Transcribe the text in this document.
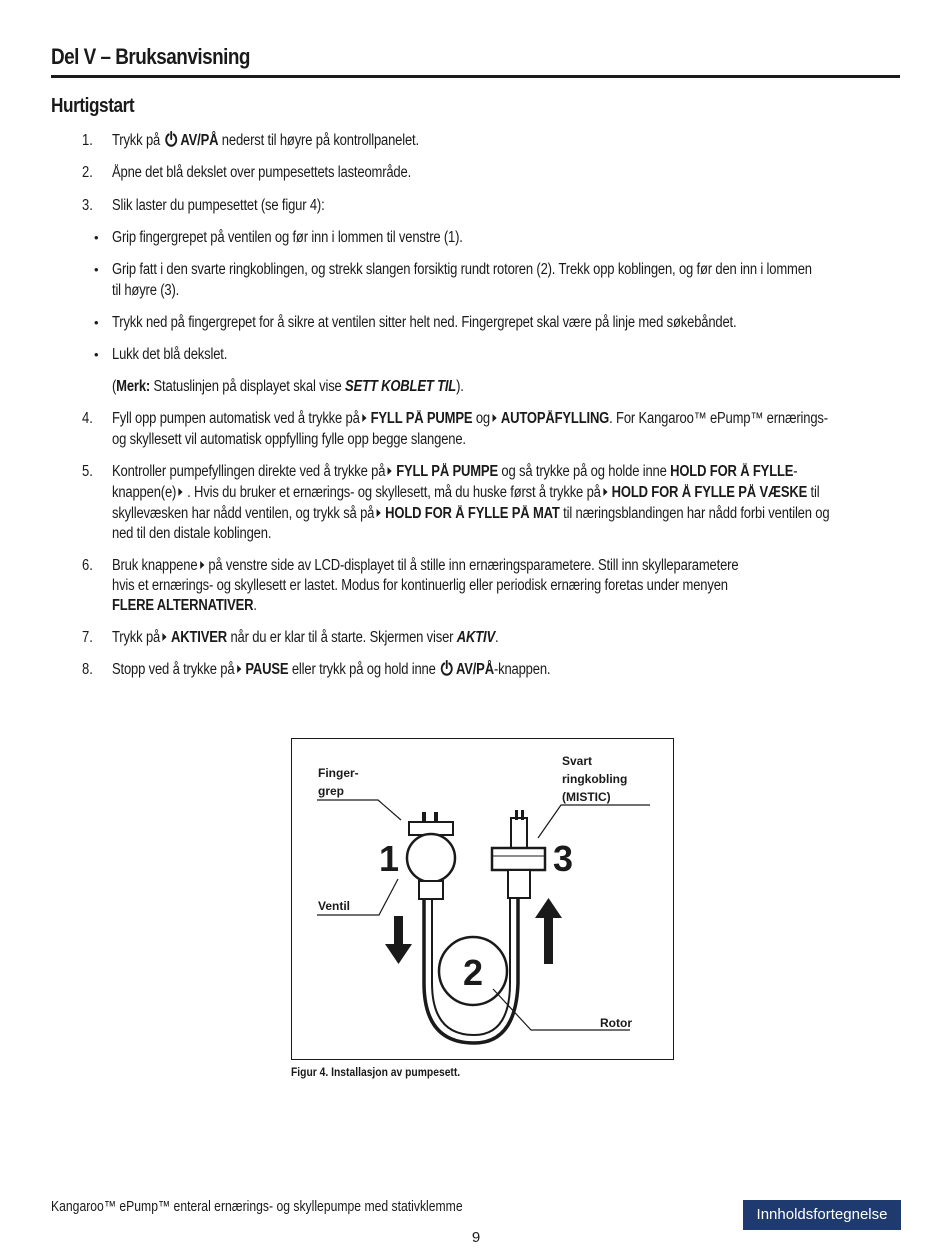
Del V – Bruksanvisning
Hurtigstart
1. Trykk på AV/PÅ nederst til høyre på kontrollpanelet.
2. Åpne det blå dekslet over pumpesettets lasteområde.
3. Slik laster du pumpesettet (se figur 4):
• Grip fingergrepet på ventilen og før inn i lommen til venstre (1).
• Grip fatt i den svarte ringkoblingen, og strekk slangen forsiktig rundt rotoren (2). Trekk opp koblingen, og før den inn i lommen
til høyre (3).
• Trykk ned på fingergrepet for å sikre at ventilen sitter helt ned. Fingergrepet skal være på linje med søkebåndet.
• Lukk det blå dekslet.
(Merk: Statuslinjen på displayet skal vise SETT KOBLET TIL).
4. Fyll opp pumpen automatisk ved å trykke på FYLL PÅ PUMPE og AUTOPÅFYLLING. For Kangaroo™ ePump™ ernærings-
og skyllesett vil automatisk oppfylling fylle opp begge slangene.
5. Kontroller pumpefyllingen direkte ved å trykke på FYLL PÅ PUMPE og så trykke på og holde inne HOLD FOR Å FYLLE-
knappen(e) . Hvis du bruker et ernærings- og skyllesett, må du huske først å trykke på HOLD FOR Å FYLLE PÅ VÆSKE til
skyllevæsken har nådd ventilen, og trykk så på HOLD FOR Å FYLLE PÅ MAT til næringsblandingen har nådd forbi ventilen og
ned til den distale koblingen.
6. Bruk knappene på venstre side av LCD-displayet til å stille inn ernæringsparametere. Still inn skylleparametere
hvis et ernærings- og skyllesett er lastet. Modus for kontinuerlig eller periodisk ernæring foretas under menyen
FLERE ALTERNATIVER.
7. Trykk på AKTIVER når du er klar til å starte. Skjermen viser AKTIV.
8. Stopp ved å trykke på PAUSE eller trykk på og hold inne AV/PÅ-knappen.
Finger-
grep
Svart
ringkobling
(MISTIC)
Ventil
Rotor
1
2
3
Figur 4. Installasjon av pumpesett.
Kangaroo™ ePump™ enteral ernærings- og skyllepumpe med stativklemme	Innholdsfortegnelse
9
